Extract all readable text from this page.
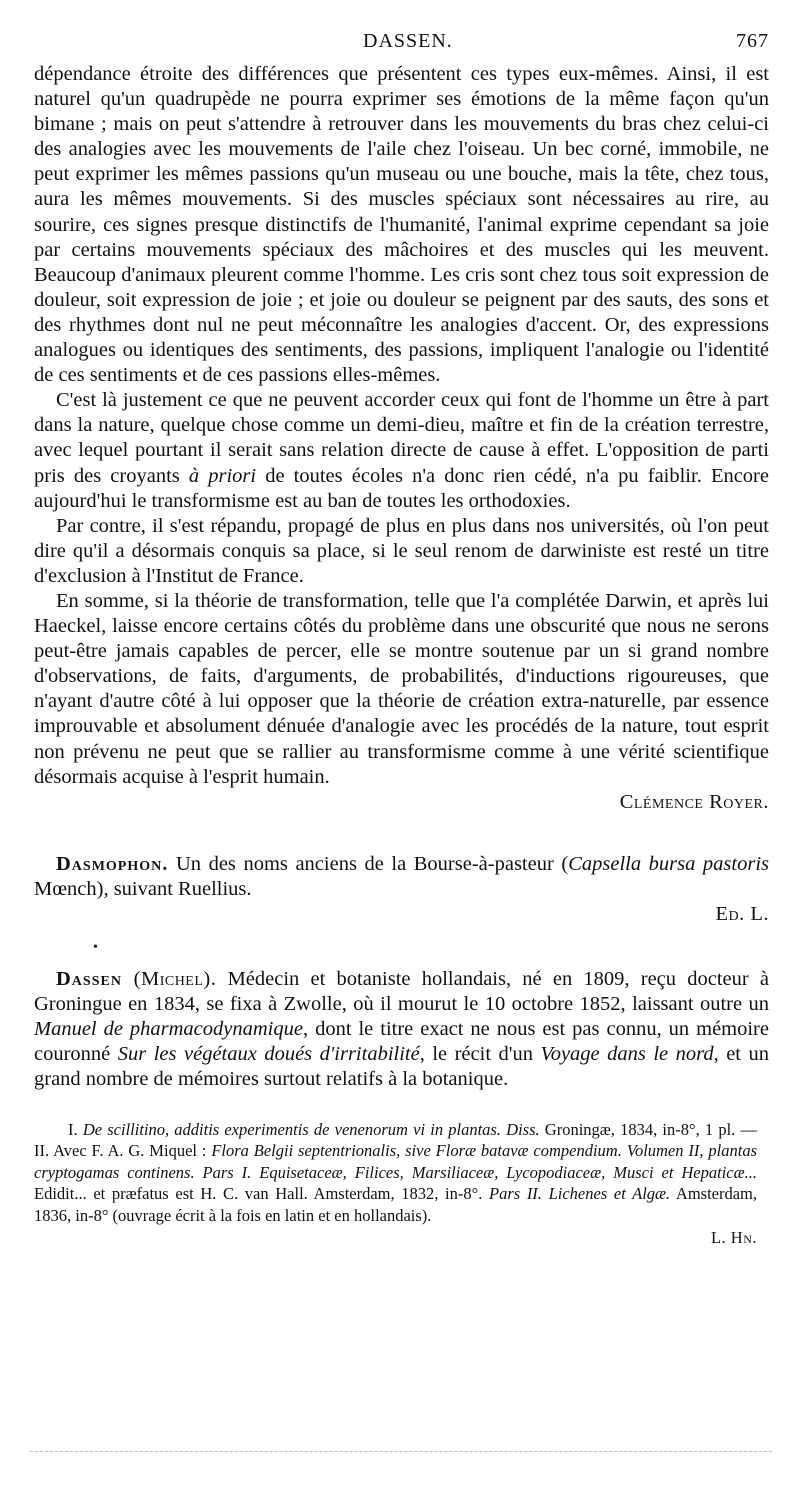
DASSEN.	767

dépendance étroite des différences que présentent ces types eux-mêmes. Ainsi, il est naturel qu'un quadrupède ne pourra exprimer ses émotions de la même façon qu'un bimane ; mais on peut s'attendre à retrouver dans les mouvements du bras chez celui-ci des analogies avec les mouvements de l'aile chez l'oiseau. Un bec corné, immobile, ne peut exprimer les mêmes passions qu'un museau ou une bouche, mais la tête, chez tous, aura les mêmes mouvements. Si des muscles spéciaux sont nécessaires au rire, au sourire, ces signes presque distinctifs de l'humanité, l'animal exprime cependant sa joie par certains mouvements spéciaux des mâchoires et des muscles qui les meuvent. Beaucoup d'animaux pleurent comme l'homme. Les cris sont chez tous soit expression de douleur, soit expression de joie ; et joie ou douleur se peignent par des sauts, des sons et des rhythmes dont nul ne peut méconnaître les analogies d'accent. Or, des expressions analogues ou identiques des sentiments, des passions, impliquent l'analogie ou l'identité de ces sentiments et de ces passions elles-mêmes.

C'est là justement ce que ne peuvent accorder ceux qui font de l'homme un être à part dans la nature, quelque chose comme un demi-dieu, maître et fin de la création terrestre, avec lequel pourtant il serait sans relation directe de cause à effet. L'opposition de parti pris des croyants à priori de toutes écoles n'a donc rien cédé, n'a pu faiblir. Encore aujourd'hui le transformisme est au ban de toutes les orthodoxies.

Par contre, il s'est répandu, propagé de plus en plus dans nos universités, où l'on peut dire qu'il a désormais conquis sa place, si le seul renom de darwiniste est resté un titre d'exclusion à l'Institut de France.

En somme, si la théorie de transformation, telle que l'a complétée Darwin, et après lui Haeckel, laisse encore certains côtés du problème dans une obscurité que nous ne serons peut-être jamais capables de percer, elle se montre soutenue par un si grand nombre d'observations, de faits, d'arguments, de probabilités, d'inductions rigoureuses, que n'ayant d'autre côté à lui opposer que la théorie de création extra-naturelle, par essence improuvable et absolument dénuée d'analogie avec les procédés de la nature, tout esprit non prévenu ne peut que se rallier au transformisme comme à une vérité scientifique désormais acquise à l'esprit humain.

Clémence Royer.

Dasmophon. Un des noms anciens de la Bourse-à-pasteur (Capsella bursa pastoris Mœnch), suivant Ruellius.

Ed. L.

Dassen (Michel). Médecin et botaniste hollandais, né en 1809, reçu docteur à Groningue en 1834, se fixa à Zwolle, où il mourut le 10 octobre 1852, laissant outre un Manuel de pharmacodynamique, dont le titre exact ne nous est pas connu, un mémoire couronné Sur les végétaux doués d'irritabilité, le récit d'un Voyage dans le nord, et un grand nombre de mémoires surtout relatifs à la botanique.

I. De scillitino, additis experimentis de venenorum vi in plantas. Diss. Groningæ, 1834, in-8°, 1 pl. — II. Avec F. A. G. Miquel : Flora Belgii septentrionalis, sive Floræ batavæ compendium. Volumen II, plantas cryptogamas continens. Pars I. Equisetaceæ, Filices, Marsiliaceæ, Lycopodiaceæ, Musci et Hepaticæ... Edidit... et præfatus est H. C. van Hall. Amsterdam, 1832, in-8°. Pars II. Lichenes et Algæ. Amsterdam, 1836, in-8° (ouvrage écrit à la fois en latin et en hollandais).

L. Hn.

•
